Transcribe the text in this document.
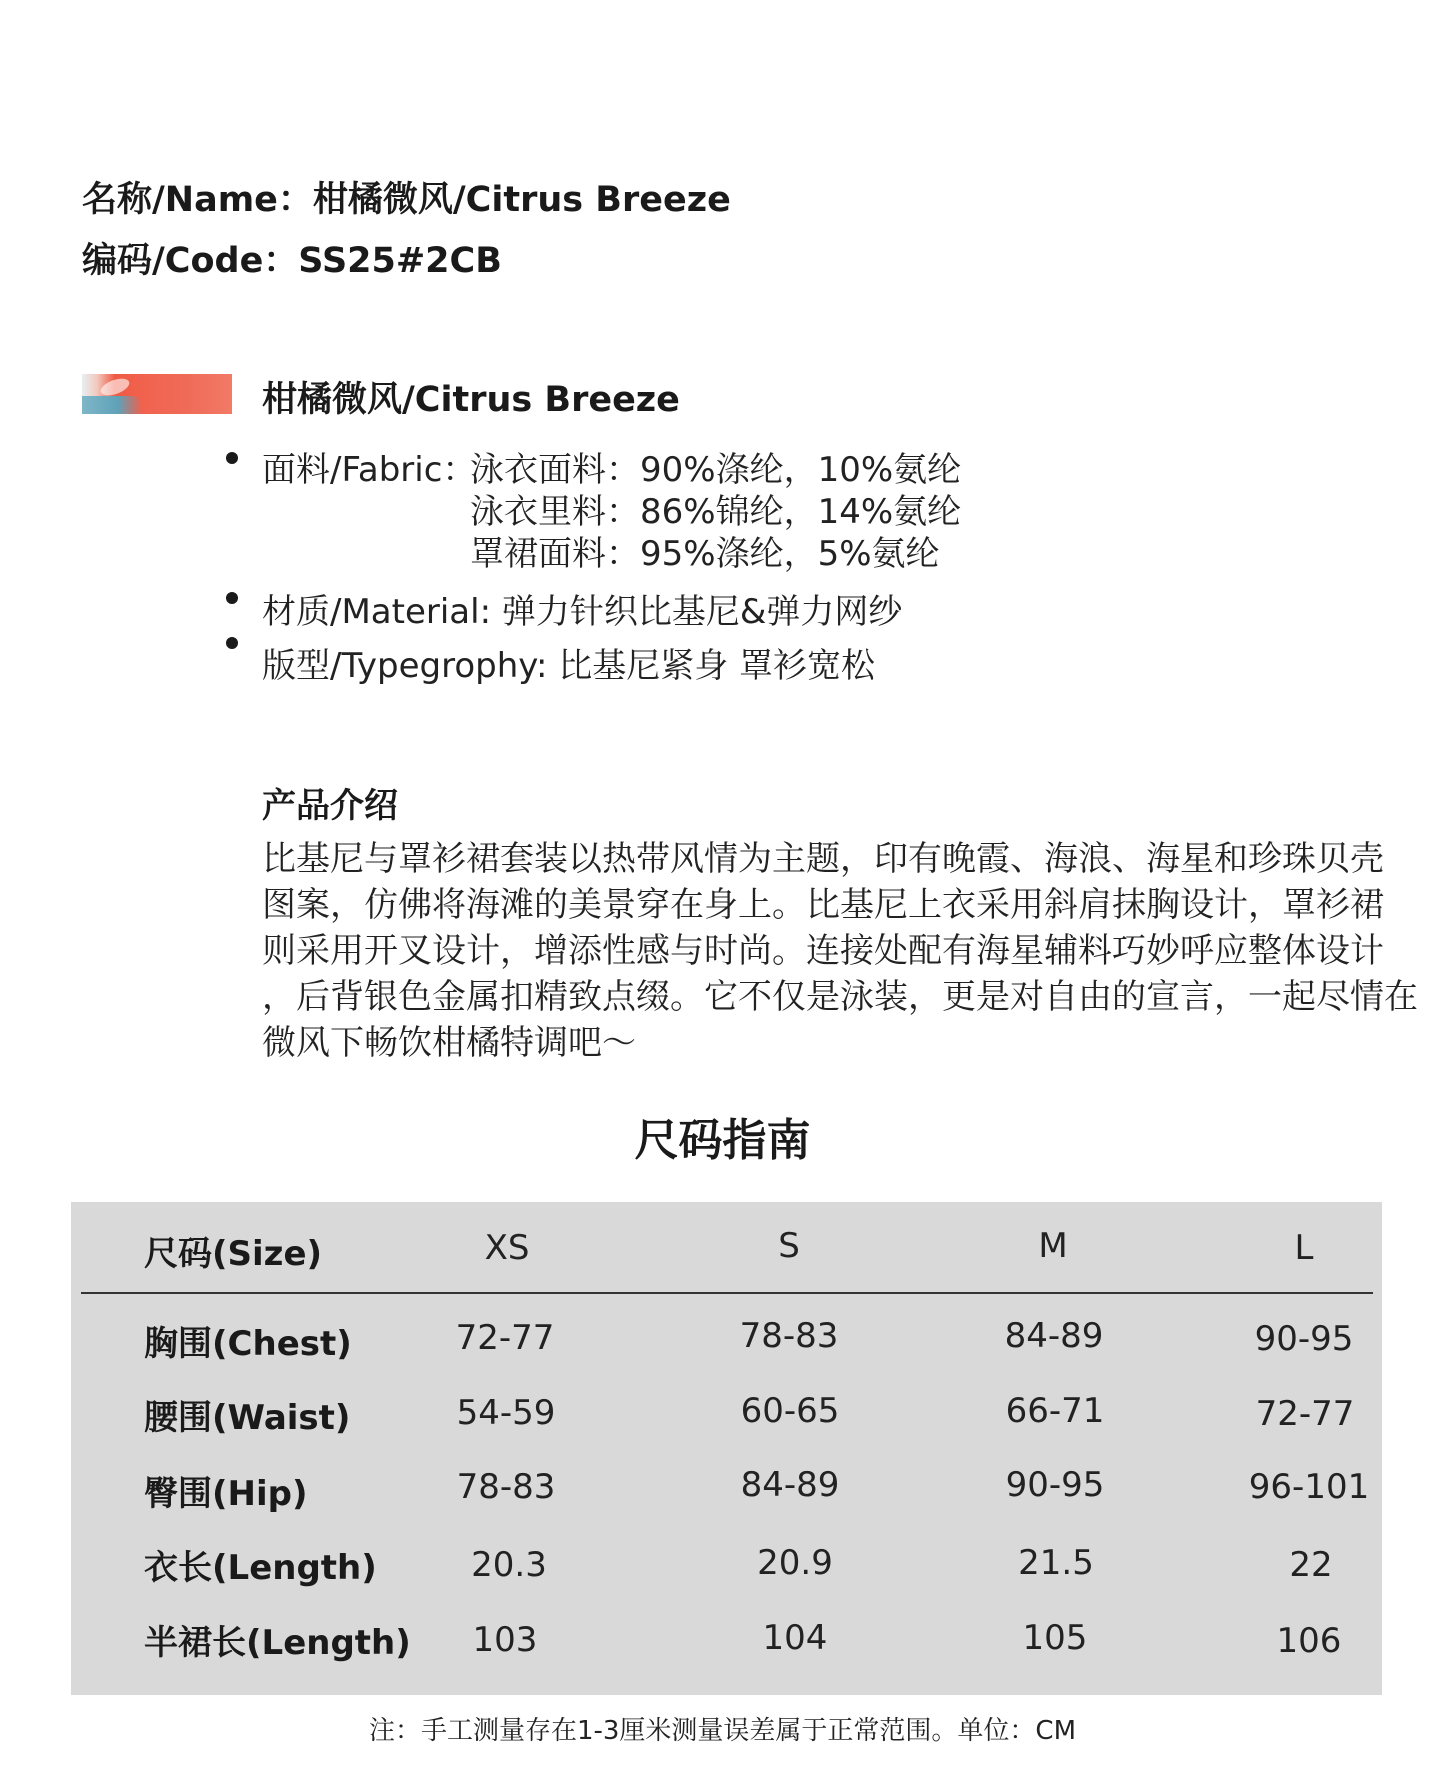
名称/Name：柑橘微风/Citrus Breeze
编码/Code：SS25#2CB
柑橘微风/Citrus Breeze
面料/Fabric：
泳衣面料：90%涤纶，10%氨纶
泳衣里料：86%锦纶，14%氨纶
罩裙面料：95%涤纶，5%氨纶
材质/Material: 弹力针织比基尼&弹力网纱
版型/Typegrophy: 比基尼紧身 罩衫宽松
产品介绍
比基尼与罩衫裙套装以热带风情为主题，印有晚霞、海浪、海星和珍珠贝壳
图案，仿佛将海滩的美景穿在身上。比基尼上衣采用斜肩抹胸设计，罩衫裙
则采用开叉设计，增添性感与时尚。连接处配有海星辅料巧妙呼应整体设计
，后背银色金属扣精致点缀。它不仅是泳装，更是对自由的宣言，一起尽情在
微风下畅饮柑橘特调吧～
尺码指南
尺码(Size)	XS	S	M	L
胸围(Chest)	72-77	78-83	84-89	90-95
腰围(Waist)	54-59	60-65	66-71	72-77
臀围(Hip)	78-83	84-89	90-95	96-101
衣长(Length)	20.3	20.9	21.5	22
半裙长(Length) 103	104	105	106
注：手工测量存在1-3厘米测量误差属于正常范围。单位：CM
